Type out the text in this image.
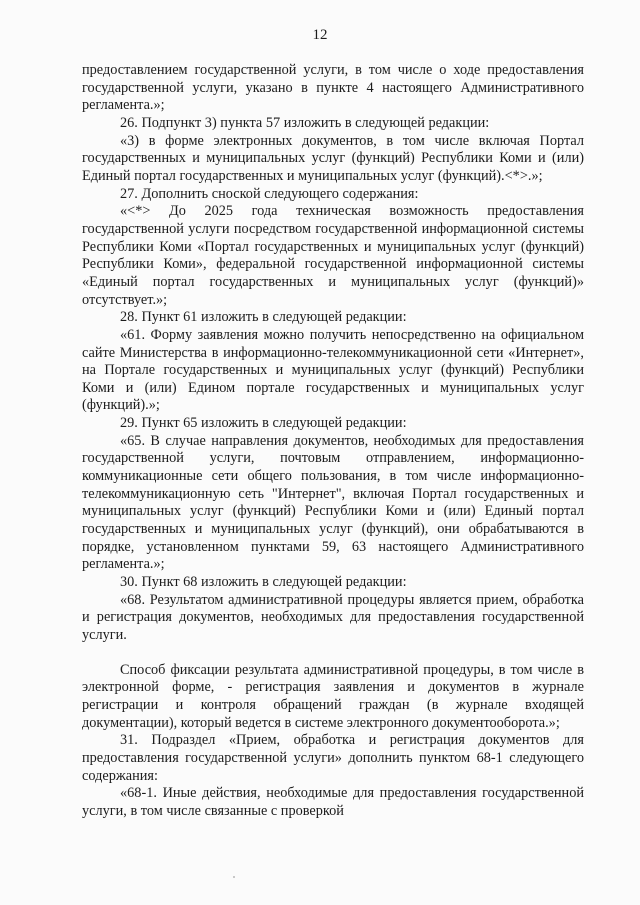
12

предоставлением государственной услуги, в том числе о ходе предоставления государственной услуги, указано в пункте 4 настоящего Административного регламента.»;

26. Подпункт 3) пункта 57 изложить в следующей редакции:

«3) в форме электронных документов, в том числе включая Портал государственных и муниципальных услуг (функций) Республики Коми и (или) Единый портал государственных и муниципальных услуг (функций).<*>.»;

27. Дополнить сноской следующего содержания:

«<*> До 2025 года техническая возможность предоставления государственной услуги посредством государственной информационной системы Республики Коми «Портал государственных и муниципальных услуг (функций) Республики Коми», федеральной государственной информационной системы «Единый портал государственных и муниципальных услуг (функций)» отсутствует.»;

28. Пункт 61 изложить в следующей редакции:

«61. Форму заявления можно получить непосредственно на официальном сайте Министерства в информационно-телекоммуникационной сети «Интернет», на Портале государственных и муниципальных услуг (функций) Республики Коми и (или) Едином портале государственных и муниципальных услуг (функций).»;

29. Пункт 65 изложить в следующей редакции:

«65. В случае направления документов, необходимых для предоставления государственной услуги, почтовым отправлением, информационно-коммуникационные сети общего пользования, в том числе информационно-телекоммуникационную сеть "Интернет", включая Портал государственных и муниципальных услуг (функций) Республики Коми и (или) Единый портал государственных и муниципальных услуг (функций), они обрабатываются в порядке, установленном пунктами 59, 63 настоящего Административного регламента.»;

30. Пункт 68 изложить в следующей редакции:

«68. Результатом административной процедуры является прием, обработка и регистрация документов, необходимых для предоставления государственной услуги.

Способ фиксации результата административной процедуры, в том числе в электронной форме, - регистрация заявления и документов в журнале регистрации и контроля обращений граждан (в журнале входящей документации), который ведется в системе электронного документооборота.»;

31. Подраздел «Прием, обработка и регистрация документов для предоставления государственной услуги» дополнить пунктом 68-1 следующего содержания:

«68-1. Иные действия, необходимые для предоставления государственной услуги, в том числе связанные с проверкой
